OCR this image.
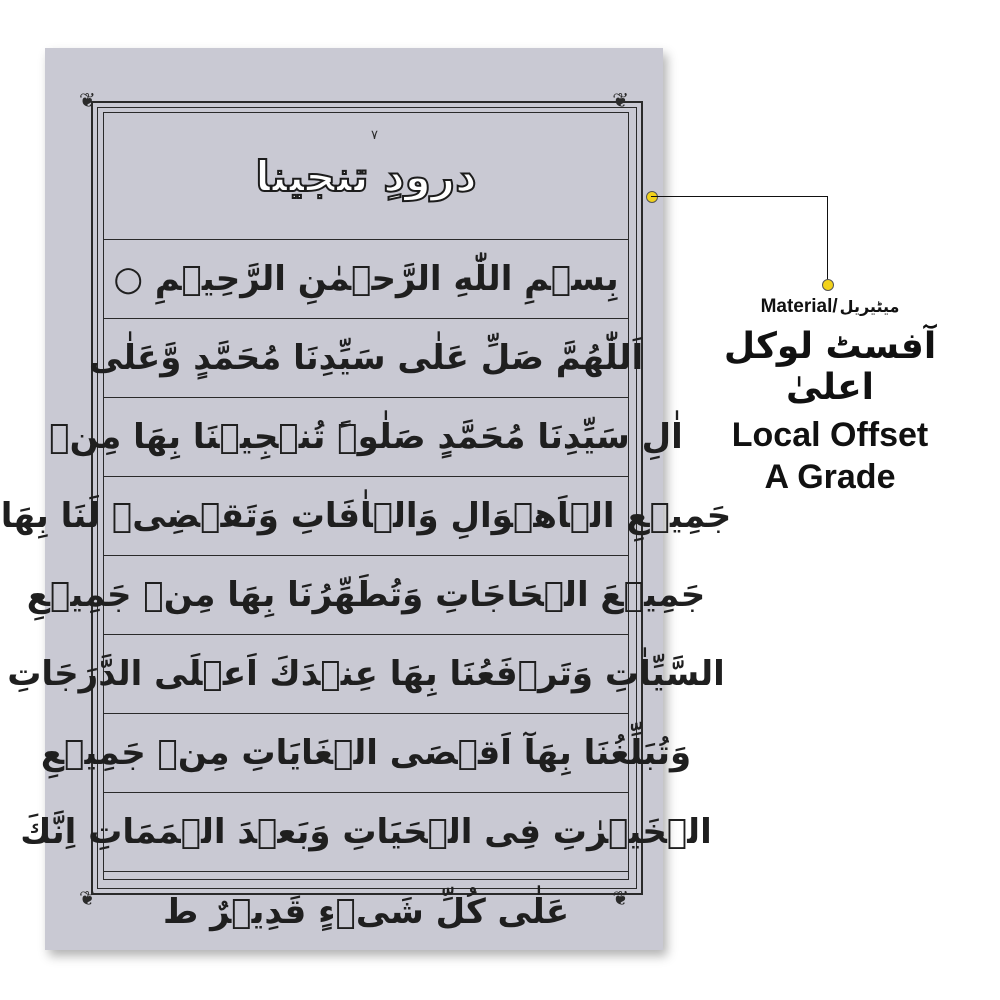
❦	❦
❦	❦
۷
درودِ تنجینا
بِسۡمِ اللّٰهِ الرَّحۡمٰنِ الرَّحِیۡمِ ○
اَللّٰهُمَّ صَلِّ عَلٰی سَیِّدِنَا مُحَمَّدٍ وَّعَلٰی
اٰلِ سَیِّدِنَا مُحَمَّدٍ صَلٰوۃً تُنۡجِیۡنَا بِهَا مِنۡ
جَمِیۡعِ الۡاَهۡوَالِ وَالۡاٰفَاتِ وَتَقۡضِیۡ لَنَا بِهَا
جَمِیۡعَ الۡحَاجَاتِ وَتُطَهِّرُنَا بِهَا مِنۡ جَمِیۡعِ
السَّیِّاٰتِ وَتَرۡفَعُنَا بِهَا عِنۡدَكَ اَعۡلَی الدَّرَجَاتِ
وَتُبَلِّغُنَا بِهَآ اَقۡصَی الۡغَایَاتِ مِنۡ جَمِیۡعِ
الۡخَیۡرٰتِ فِی الۡحَیَاتِ وَبَعۡدَ الۡمَمَاتِ اِنَّكَ
عَلٰی کُلِّ شَیۡءٍ قَدِیۡرٌ ط
Material/ میٹیریل
آفسٹ لوکل اعلیٰ
Local Offset
A Grade
